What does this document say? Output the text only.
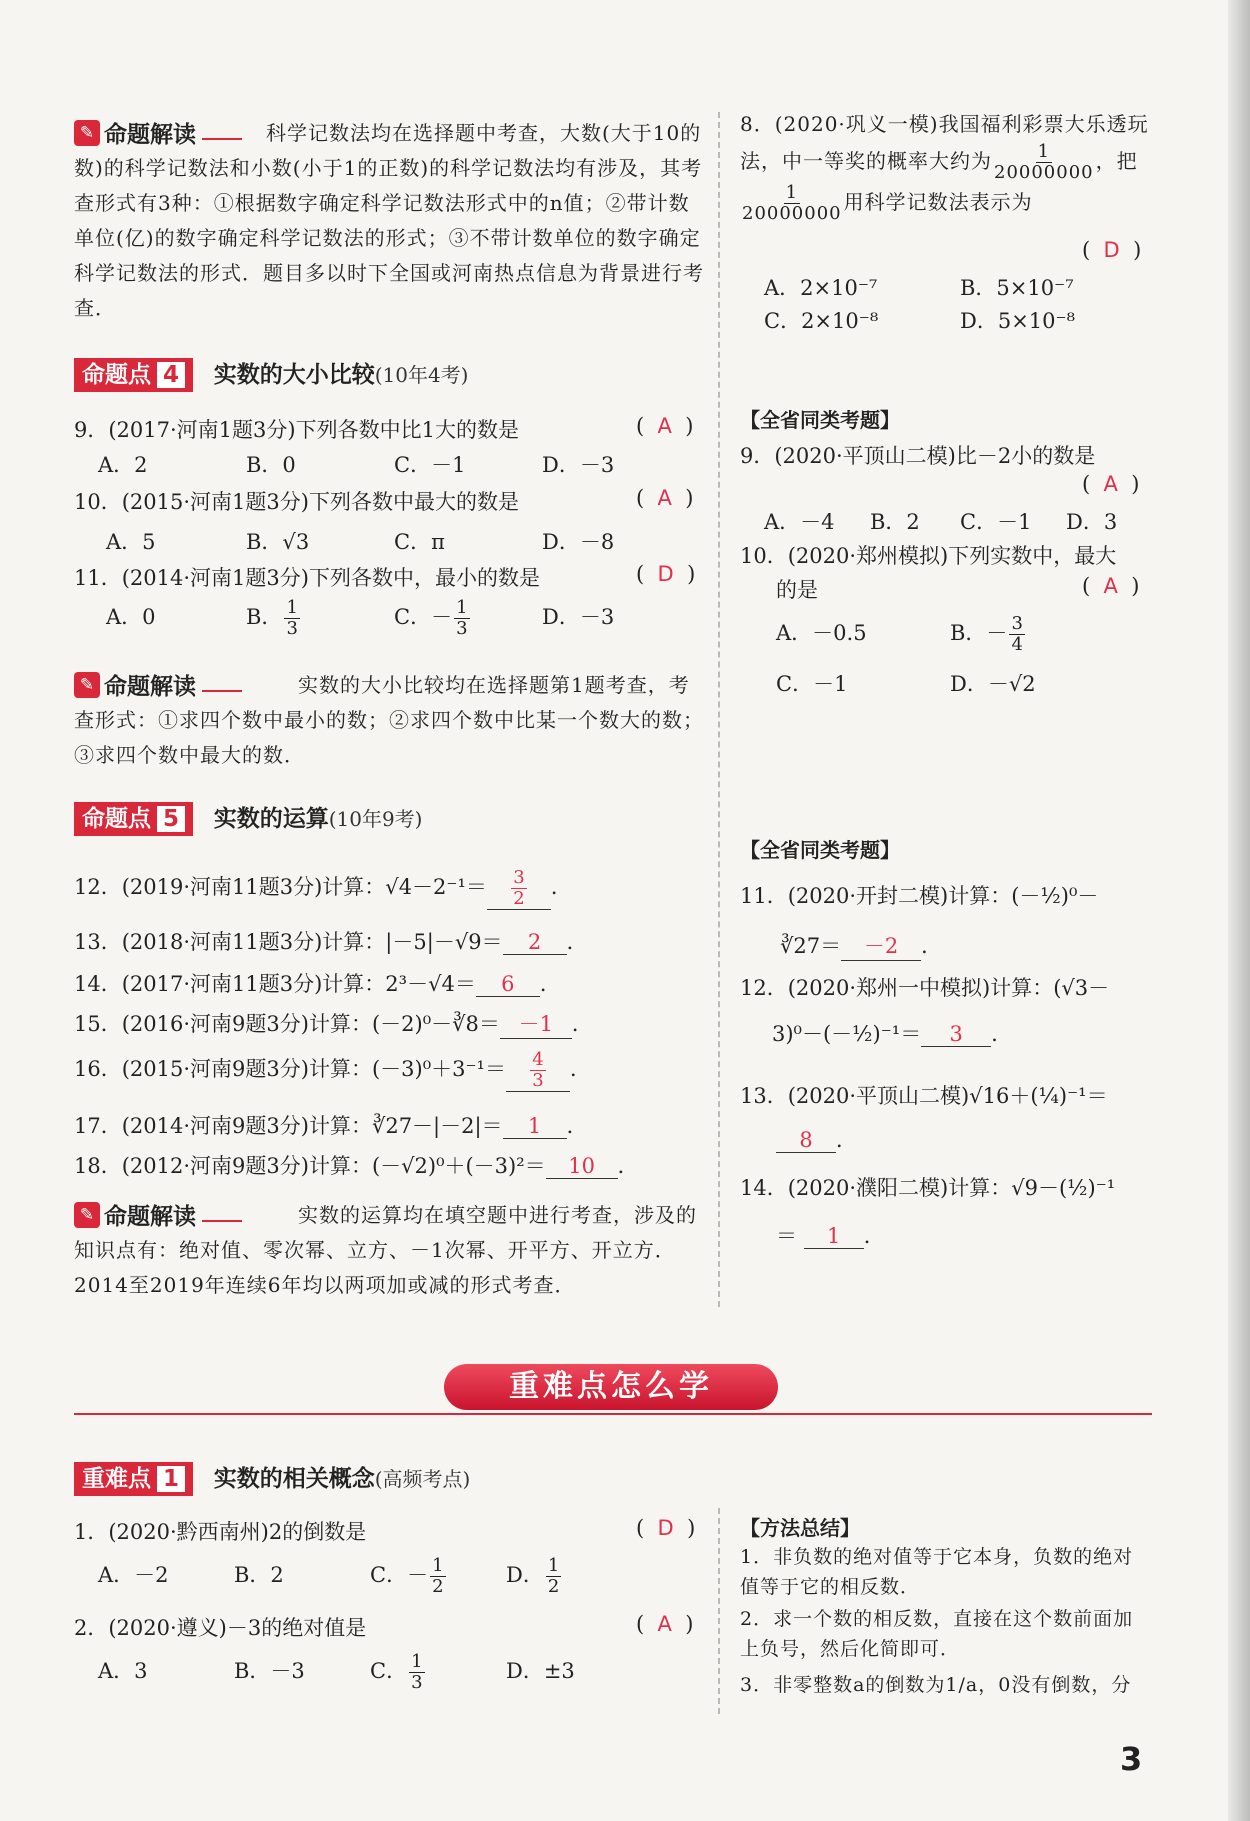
✎ 命题解读	科学记数法均在选择题中考查，大数(大于10的数)的科学记数法和小数(小于1的正数)的科学记数法均有涉及，其考查形式有3种：①根据数字确定科学记数法形式中的n值；②带计数单位(亿)的数字确定科学记数法的形式；③不带计数单位的数字确定科学记数法的形式．题目多以时下全国或河南热点信息为背景进行考查．
命题点 4 实数的大小比较(10年4考)
9．(2017·河南1题3分)下列各数中比1大的数是	(  A  )
A．2	B．0	C．－1	D．－3
10．(2015·河南1题3分)下列各数中最大的数是	(  A  )
A．5	B．√3	C．π	D．－8
11．(2014·河南1题3分)下列各数中，最小的数是	(  D  )
A．0	B． $\frac{1}{3}$	C．－ $\frac{1}{3}$	D．－3
✎ 命题解读	实数的大小比较均在选择题第1题考查，考查形式：①求四个数中最小的数；②求四个数中比某一个数大的数；③求四个数中最大的数．
命题点 5 实数的运算(10年9考)
12．(2019·河南11题3分)计算：$√4-2^{-1}= \frac{3}{2}$ ．
13．(2018·河南11题3分)计算：|－5|－√9＝ 2 ．
14．(2017·河南11题3分)计算：2³－√4＝ 6 ．
15．(2016·河南9题3分)计算：(－2)⁰－∛8＝ －1 ．
16．(2015·河南9题3分)计算：$(-3)^0+3^{-1}= \frac{4}{3}$ ．
17．(2014·河南9题3分)计算：∛27－|－2|＝ 1 ．
18．(2012·河南9题3分)计算：(－√2)⁰＋(－3)²＝ 10 ．
✎ 命题解读	实数的运算均在填空题中进行考查，涉及的知识点有：绝对值、零次幂、立方、－1次幂、开平方、开立方．2014至2019年连续6年均以两项加或减的形式考查．
8．(2020·巩义一模)我国福利彩票大乐透玩法，中一等奖的概率大约为 $\frac{1}{20000000}$ ，把
$\frac{1}{20000000}$ 用科学记数法表示为
(  D  )
A．2×10⁻⁷	B．5×10⁻⁷
C．2×10⁻⁸	D．5×10⁻⁸
【全省同类考题】
9．(2020·平顶山二模)比－2小的数是
(  A  )
A．－4 B．2 C．－1 D．3
10．(2020·郑州模拟)下列实数中，最大
的是	(  A  )
A．－0.5	B．－ $\frac{3}{4}$
C．－1	D．－√2
【全省同类考题】
11．(2020·开封二模)计算：(－½)⁰－
∛27＝ －2 ．
12．(2020·郑州一中模拟)计算：(√3－
3)⁰－(－½)⁻¹＝ 3 ．
13．(2020·平顶山二模)√16＋(¼)⁻¹＝
8 ．
14．(2020·濮阳二模)计算：√9－(½)⁻¹
＝ 1 ．
重难点怎么学
重难点 1 实数的相关概念(高频考点)
1．(2020·黔西南州)2的倒数是	(  D  )
A．－2	B．2	C．－ $\frac{1}{2}$	D． $\frac{1}{2}$
2．(2020·遵义)－3的绝对值是	(  A  )
A．3	B．－3	C． $\frac{1}{3}$	D．±3
【方法总结】
1．非负数的绝对值等于它本身，负数的绝对值等于它的相反数．
2．求一个数的相反数，直接在这个数前面加上负号，然后化简即可．
3．非零整数a的倒数为1/a，0没有倒数，分
3
